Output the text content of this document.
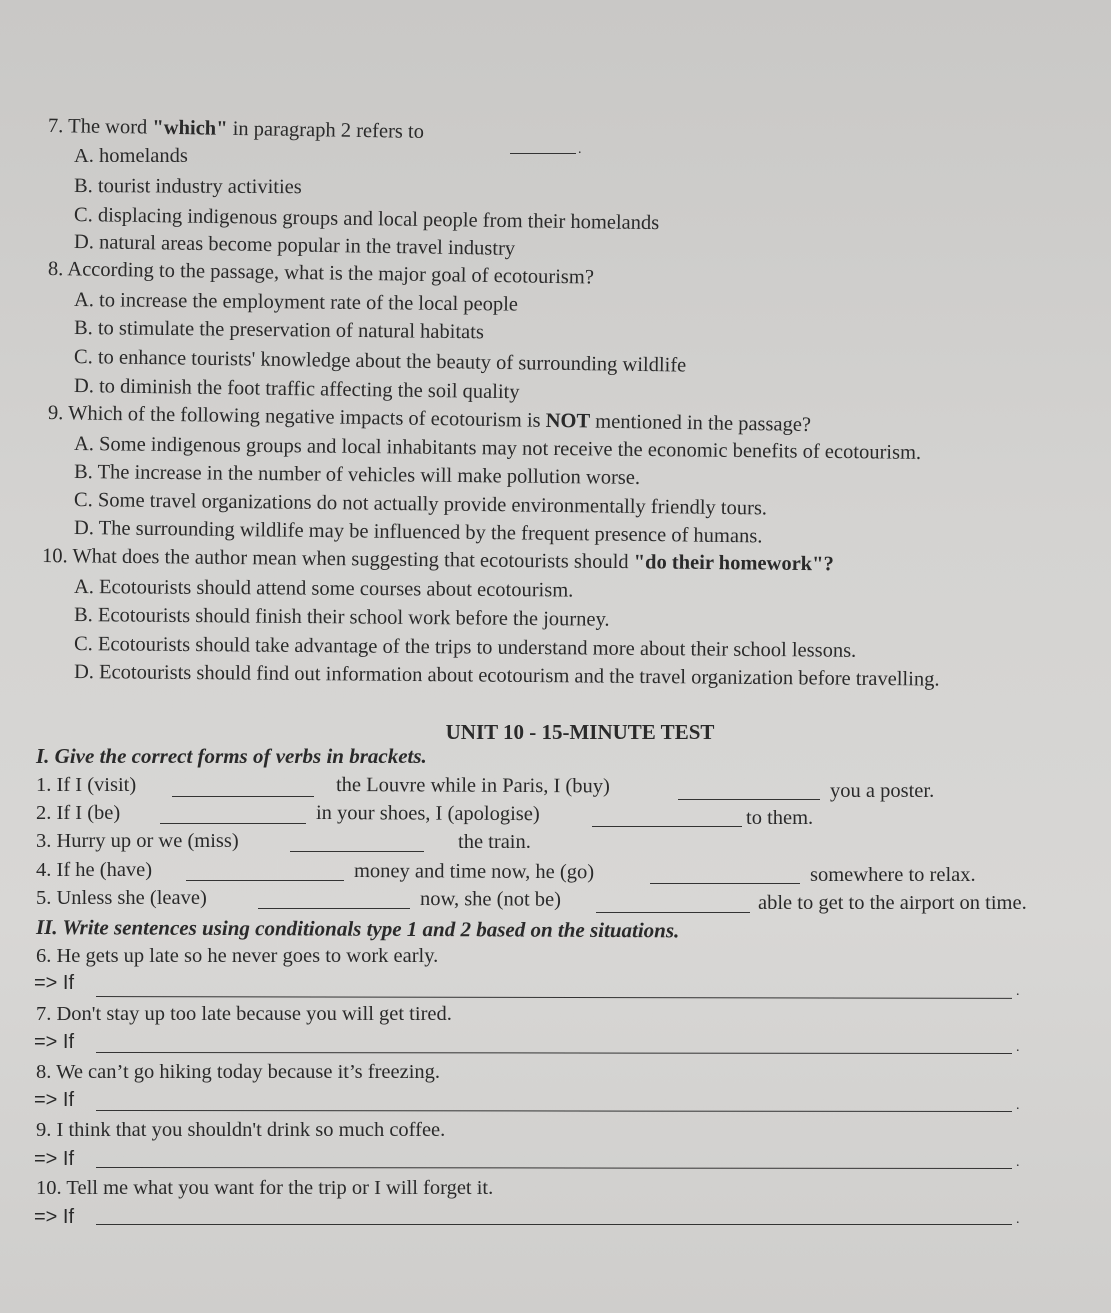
7. The word "which" in paragraph 2 refers to
.
A. homelands
B. tourist industry activities
C. displacing indigenous groups and local people from their homelands
D. natural areas become popular in the travel industry
8. According to the passage, what is the major goal of ecotourism?
A. to increase the employment rate of the local people
B. to stimulate the preservation of natural habitats
C. to enhance tourists' knowledge about the beauty of surrounding wildlife
D. to diminish the foot traffic affecting the soil quality
9. Which of the following negative impacts of ecotourism is NOT mentioned in the passage?
A. Some indigenous groups and local inhabitants may not receive the economic benefits of ecotourism.
B. The increase in the number of vehicles will make pollution worse.
C. Some travel organizations do not actually provide environmentally friendly tours.
D. The surrounding wildlife may be influenced by the frequent presence of humans.
10. What does the author mean when suggesting that ecotourists should "do their homework"?
A. Ecotourists should attend some courses about ecotourism.
B. Ecotourists should finish their school work before the journey.
C. Ecotourists should take advantage of the trips to understand more about their school lessons.
D. Ecotourists should find out information about ecotourism and the travel organization before travelling.
UNIT 10 - 15-MINUTE TEST
I. Give the correct forms of verbs in brackets.
1. If I (visit)	the Louvre while in Paris, I (buy)	you a poster.
2. If I (be)	in your shoes, I (apologise)	to them.
3. Hurry up or we (miss)	the train.
4. If he (have)	money and time now, he (go)	somewhere to relax.
5. Unless she (leave)	now, she (not be)	able to get to the airport on time.
II. Write sentences using conditionals type 1 and 2 based on the situations.
6. He gets up late so he never goes to work early.
=> If	.
7. Don't stay up too late because you will get tired.
=> If	.
8. We can’t go hiking today because it’s freezing.
=> If	.
9. I think that you shouldn't drink so much coffee.
=> If	.
10. Tell me what you want for the trip or I will forget it.
=> If	.
